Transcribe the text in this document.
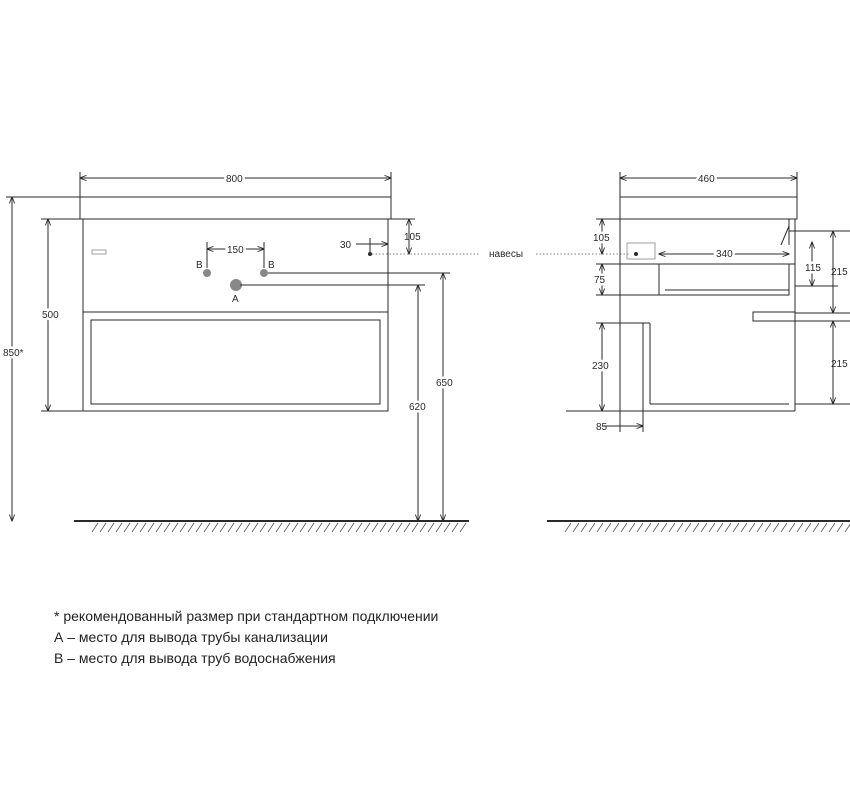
B	B
A
800
150	30
105
навесы
500
850*
620
650
460
105
340
75
230
85
215
115
215
* рекомендованный размер при стандартном подключении
А – место для вывода трубы канализации
В – место для вывода труб водоснабжения
